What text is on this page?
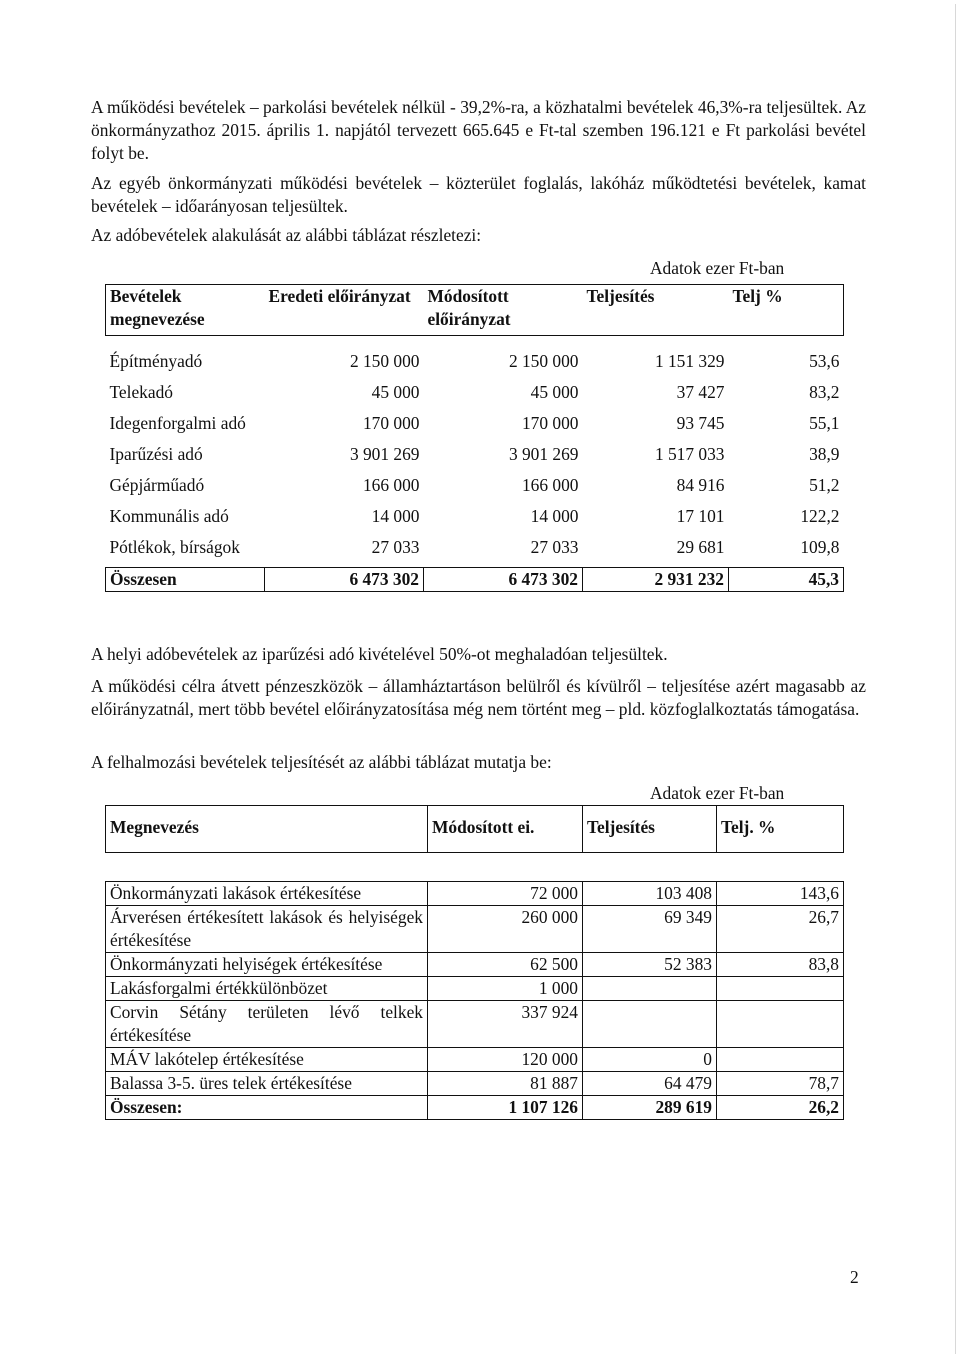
A működési bevételek – parkolási bevételek nélkül - 39,2%-ra, a közhatalmi bevételek 46,3%-ra teljesültek. Az önkormányzathoz 2015. április 1. napjától tervezett 665.645 e Ft-tal szemben 196.121 e Ft parkolási bevétel folyt be.

Az egyéb önkormányzati működési bevételek – közterület foglalás, lakóház működtetési bevételek, kamat bevételek – időarányosan teljesültek.

Az adóbevételek alakulását az alábbi táblázat részletezi:

Adatok ezer Ft-ban
Bevételek megnevezése	Eredeti előirányzat	Módosított előirányzat	Teljesítés	Telj %

Építményadó	2 150 000	2 150 000	1 151 329	53,6
Telekadó	45 000	45 000	37 427	83,2
Idegenforgalmi adó	170 000	170 000	93 745	55,1
Iparűzési adó	3 901 269	3 901 269	1 517 033	38,9
Gépjárműadó	166 000	166 000	84 916	51,2
Kommunális adó	14 000	14 000	17 101	122,2
Pótlékok, bírságok	27 033	27 033	29 681	109,8
Összesen	6 473 302	6 473 302	2 931 232	45,3

A helyi adóbevételek az iparűzési adó kivételével 50%-ot meghaladóan teljesültek.

A működési célra átvett pénzeszközök – államháztartáson belülről és kívülről – teljesítése azért magasabb az előirányzatnál, mert több bevétel előirányzatosítása még nem történt meg – pld. közfoglalkoztatás támogatása.

A felhalmozási bevételek teljesítését az alábbi táblázat mutatja be:

Adatok ezer Ft-ban
Megnevezés	Módosított ei.	Teljesítés	Telj. %

Önkormányzati lakások értékesítése	72 000	103 408	143,6
Árverésen értékesített lakások és helyiségek értékesítése	260 000	69 349	26,7
Önkormányzati helyiségek értékesítése	62 500	52 383	83,8
Lakásforgalmi értékkülönbözet	1 000		
Corvin Sétány területen lévő telkek értékesítése	337 924		
MÁV lakótelep értékesítése	120 000	0	
Balassa 3-5. üres telek értékesítése	81 887	64 479	78,7
Összesen:	1 107 126	289 619	26,2
2
